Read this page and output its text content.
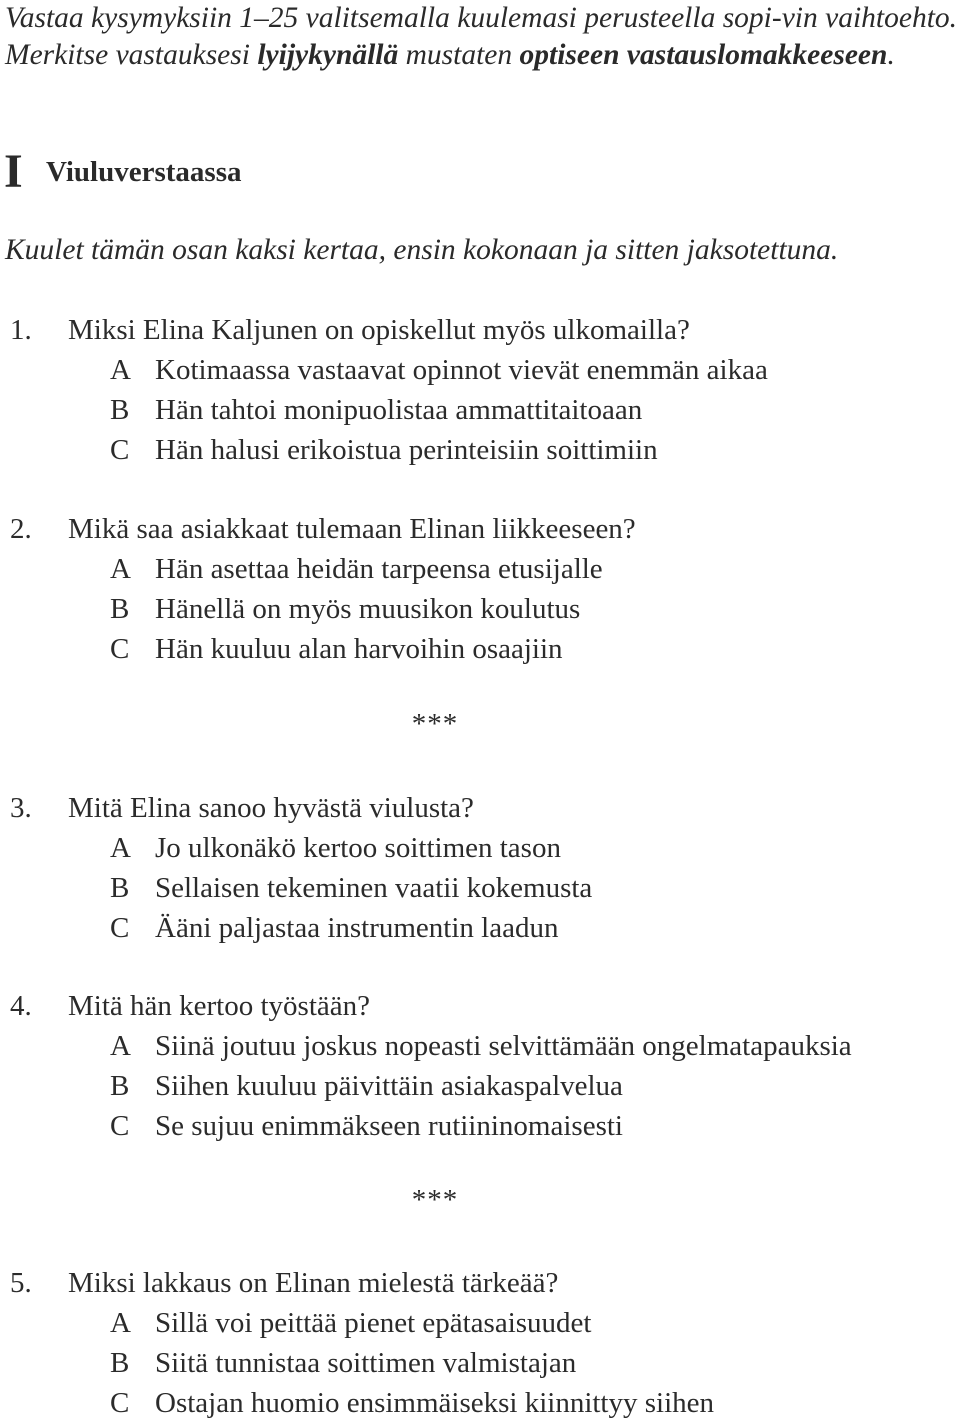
Vastaa kysymyksiin 1–25 valitsemalla kuulemasi perusteella sopi-vin vaihtoehto. Merkitse vastauksesi lyijykynällä mustaten optiseen vastauslomakkeeseen.

I Viuluverstaassa

Kuulet tämän osan kaksi kertaa, ensin kokonaan ja sitten jaksotettuna.

1. Miksi Elina Kaljunen on opiskellut myös ulkomailla?
A Kotimaassa vastaavat opinnot vievät enemmän aikaa
B Hän tahtoi monipuolistaa ammattitaitoaan
C Hän halusi erikoistua perinteisiin soittimiin
2. Mikä saa asiakkaat tulemaan Elinan liikkeeseen?
A Hän asettaa heidän tarpeensa etusijalle
B Hänellä on myös muusikon koulutus
C Hän kuuluu alan harvoihin osaajiin
***
3. Mitä Elina sanoo hyvästä viulusta?
A Jo ulkonäkö kertoo soittimen tason
B Sellaisen tekeminen vaatii kokemusta
C Ääni paljastaa instrumentin laadun
4. Mitä hän kertoo työstään?
A Siinä joutuu joskus nopeasti selvittämään ongelmatapauksia
B Siihen kuuluu päivittäin asiakaspalvelua
C Se sujuu enimmäkseen rutiininomaisesti
***
5. Miksi lakkaus on Elinan mielestä tärkeää?
A Sillä voi peittää pienet epätasaisuudet
B Siitä tunnistaa soittimen valmistajan
C Ostajan huomio ensimmäiseksi kiinnittyy siihen
